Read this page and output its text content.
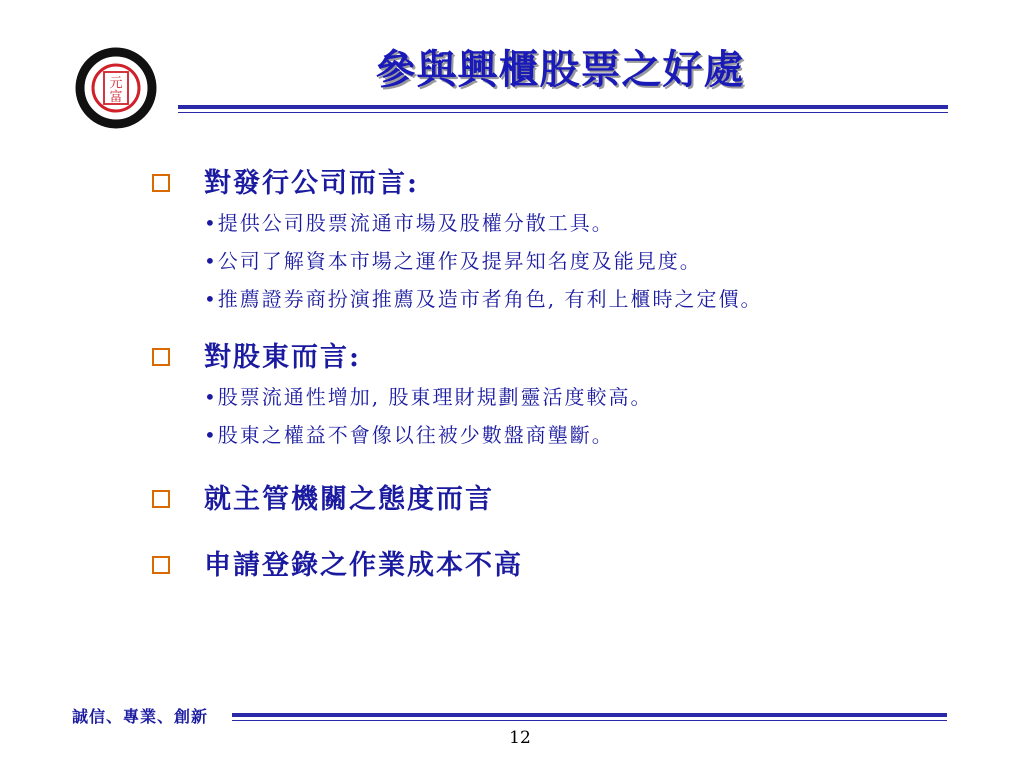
元
富
參與興櫃股票之好處
對發行公司而言:
•提供公司股票流通市場及股權分散工具。
•公司了解資本市場之運作及提昇知名度及能見度。
•推薦證券商扮演推薦及造市者角色, 有利上櫃時之定價。
對股東而言:
•股票流通性增加, 股東理財規劃靈活度較高。
•股東之權益不會像以往被少數盤商壟斷。
就主管機關之態度而言
申請登錄之作業成本不高
誠信、專業、創新
12
